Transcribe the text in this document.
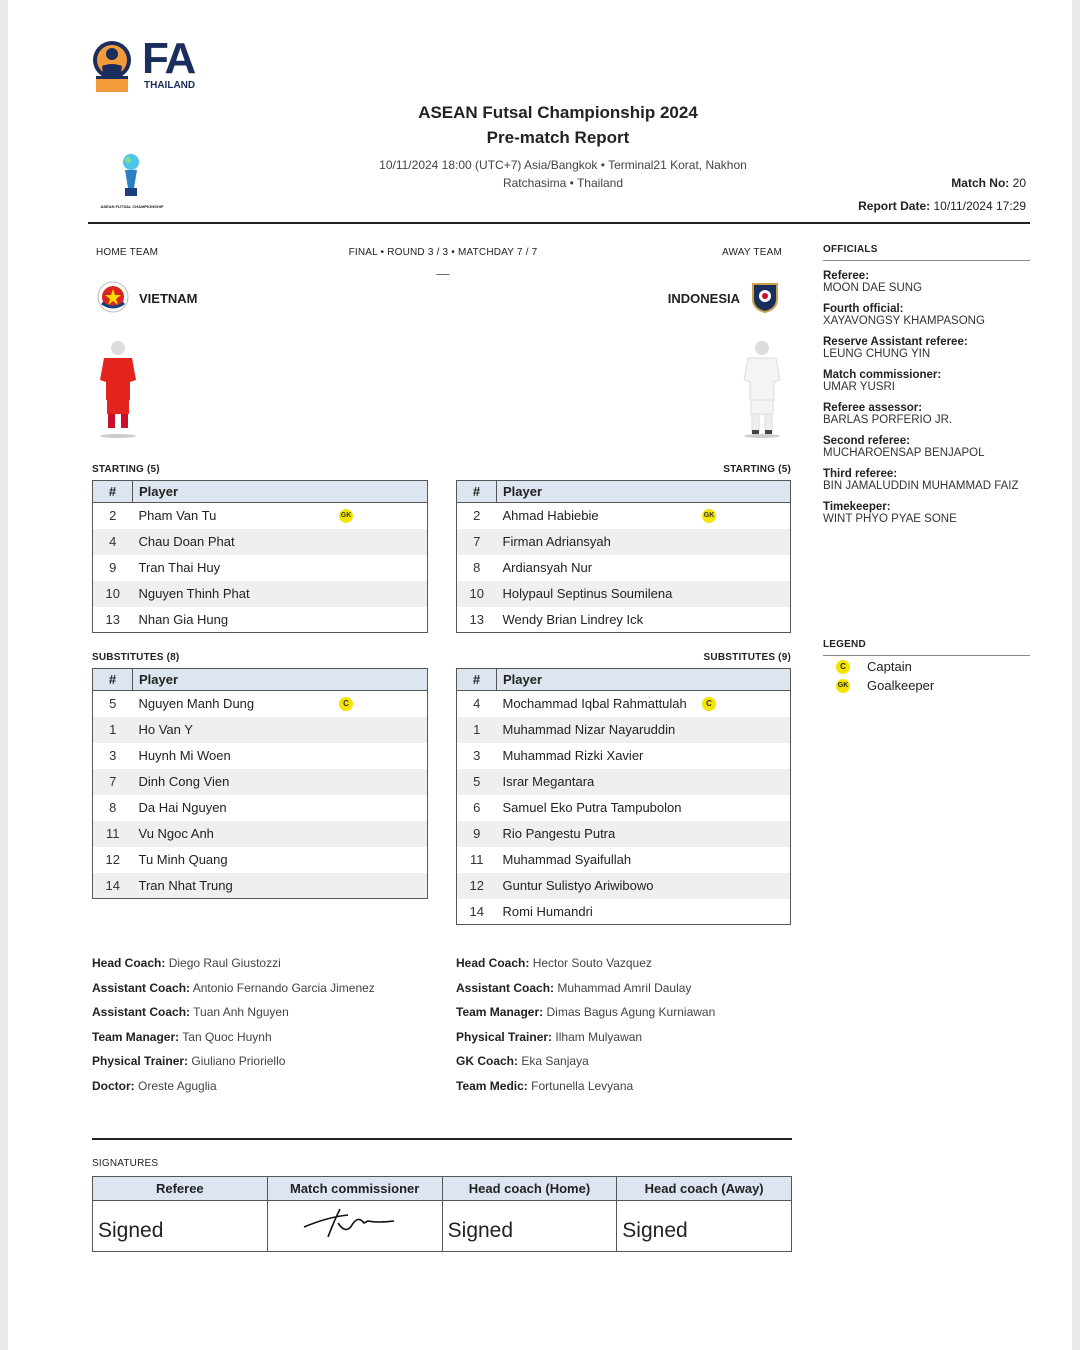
FA
THAILAND
ASEAN FUTSAL CHAMPIONSHIP
ASEAN Futsal Championship 2024
Pre-match Report
10/11/2024 18:00 (UTC+7) Asia/Bangkok • Terminal21 Korat, Nakhon
Ratchasima • Thailand	Match No: 20
Report Date: 10/11/2024 17:29
HOME TEAM	FINAL • ROUND 3 / 3 • MATCHDAY 7 / 7	AWAY TEAM
—
VIETNAM	INDONESIA
STARTING (5)	STARTING (5)
#	Player
2	Pham Van Tu GK

4	Chau Doan Phat
9	Tran Thai Huy
10	Nguyen Thinh Phat
13	Nhan Gia Hung
#	Player
2	Ahmad Habiebie GK

7	Firman Adriansyah
8	Ardiansyah Nur
10	Holypaul Septinus Soumilena
13	Wendy Brian Lindrey Ick
SUBSTITUTES (8)	SUBSTITUTES (9)
#	Player
5	Nguyen Manh Dung C

1	Ho Van Y
3	Huynh Mi Woen
7	Dinh Cong Vien
8	Da Hai Nguyen
11	Vu Ngoc Anh
12	Tu Minh Quang
14	Tran Nhat Trung
#	Player
4	Mochammad Iqbal Rahmattulah C

1	Muhammad Nizar Nayaruddin
3	Muhammad Rizki Xavier
5	Israr Megantara
6	Samuel Eko Putra Tampubolon
9	Rio Pangestu Putra
11	Muhammad Syaifullah
12	Guntur Sulistyo Ariwibowo
14	Romi Humandri
Head Coach: Diego Raul Giustozzi
Assistant Coach: Antonio Fernando Garcia Jimenez
Assistant Coach: Tuan Anh Nguyen
Team Manager: Tan Quoc Huynh
Physical Trainer: Giuliano Prioriello
Doctor: Oreste Aguglia
Head Coach: Hector Souto Vazquez
Assistant Coach: Muhammad Amril Daulay
Team Manager: Dimas Bagus Agung Kurniawan
Physical Trainer: Ilham Mulyawan
GK Coach: Eka Sanjaya
Team Medic: Fortunella Levyana
OFFICIALS
Referee:
MOON DAE SUNG
Fourth official:
XAYAVONGSY KHAMPASONG
Reserve Assistant referee:
LEUNG CHUNG YIN
Match commissioner:
UMAR YUSRI
Referee assessor:
BARLAS PORFERIO JR.
Second referee:
MUCHAROENSAP BENJAPOL
Third referee:
BIN JAMALUDDIN MUHAMMAD FAIZ
Timekeeper:
WINT PHYO PYAE SONE
LEGEND
C	Captain
GK Goalkeeper
SIGNATURES
Referee	Match commissioner	Head coach (Home)	Head coach (Away)
Signed		Signed	Signed
